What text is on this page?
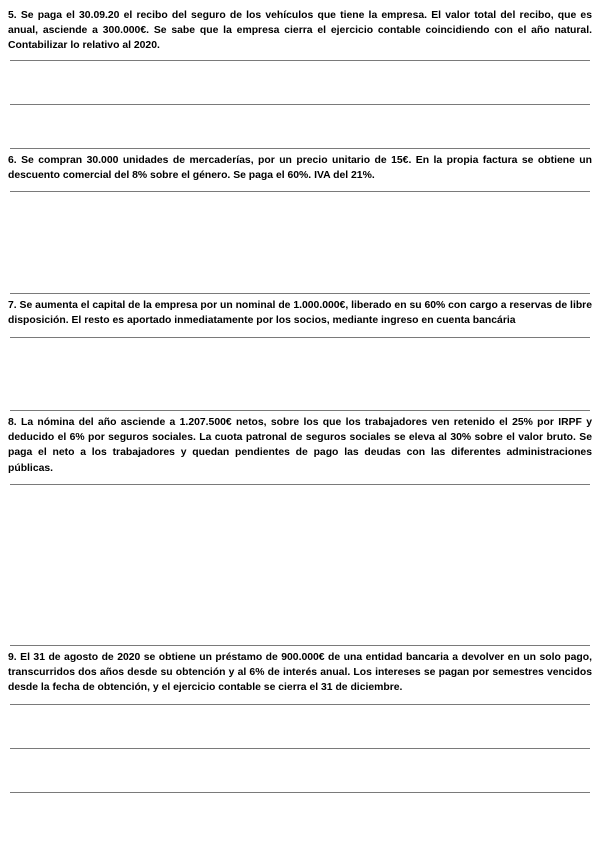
5. Se paga el 30.09.20 el recibo del seguro de los vehículos que tiene la empresa. El valor total del recibo, que es anual, asciende a 300.000€. Se sabe que la empresa cierra el ejercicio contable coincidiendo con el año natural. Contabilizar lo relativo al 2020.

6. Se compran 30.000 unidades de mercaderías, por un precio unitario de 15€. En la propia factura se obtiene un descuento comercial del 8% sobre el género. Se paga el 60%. IVA del 21%.

7. Se aumenta el capital de la empresa por un nominal de 1.000.000€, liberado en su 60% con cargo a reservas de libre disposición. El resto es aportado inmediatamente por los socios, mediante ingreso en cuenta bancária

8. La nómina del año asciende a 1.207.500€ netos, sobre los que los trabajadores ven retenido el 25% por IRPF y deducido el 6% por seguros sociales. La cuota patronal de seguros sociales se eleva al 30% sobre el valor bruto. Se paga el neto a los trabajadores y quedan pendientes de pago las deudas con las diferentes administraciones públicas.

9. El 31 de agosto de 2020 se obtiene un préstamo de 900.000€ de una entidad bancaria a devolver en un solo pago, transcurridos dos años desde su obtención y al 6% de interés anual. Los intereses se pagan por semestres vencidos desde la fecha de obtención, y el ejercicio contable se cierra el 31 de diciembre.
